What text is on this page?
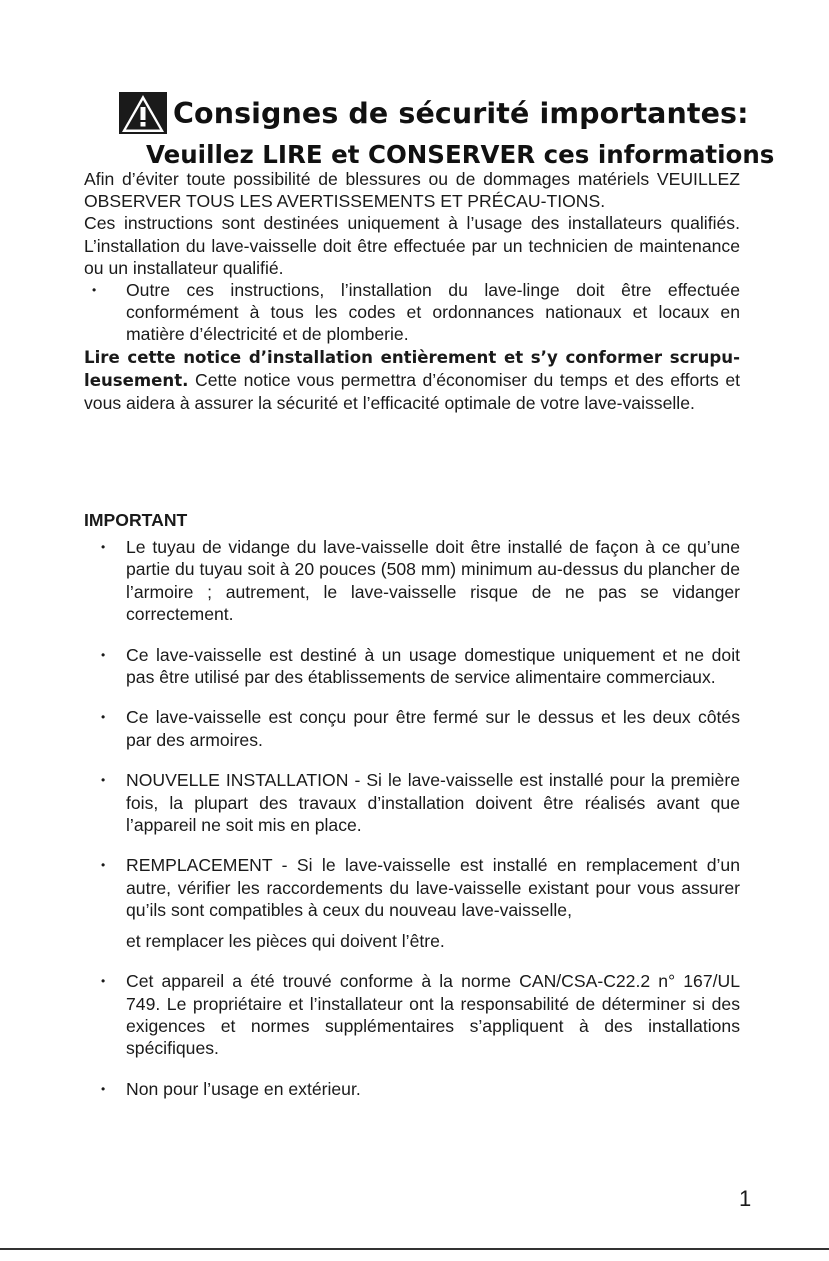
Consignes de sécurité importantes:
Veuillez LIRE et CONSERVER ces informations

Afin d’éviter toute possibilité de blessures ou de dommages matériels VEUILLEZ OBSERVER TOUS LES AVERTISSEMENTS ET PRÉCAU-TIONS.

Ces instructions sont destinées uniquement à l’usage des installateurs qualifiés. L’installation du lave-vaisselle doit être effectuée par un technicien de maintenance ou un installateur qualifié.

• Outre ces instructions, l’installation du lave-linge doit être effectuée conformément à tous les codes et ordonnances nationaux et locaux en matière d’électricité et de plomberie.

Lire cette notice d’installation entièrement et s’y conformer scrupu-leusement. Cette notice vous permettra d’économiser du temps et des efforts et vous aidera à assurer la sécurité et l’efficacité optimale de votre lave-vaisselle.

IMPORTANT

• Le tuyau de vidange du lave-vaisselle doit être installé de façon à ce qu’une partie du tuyau soit à 20 pouces (508 mm) minimum au-dessus du plancher de l’armoire ; autrement, le lave-vaisselle risque de ne pas se vidanger correctement.

• Ce lave-vaisselle est destiné à un usage domestique uniquement et ne doit pas être utilisé par des établissements de service alimentaire commerciaux.

• Ce lave-vaisselle est conçu pour être fermé sur le dessus et les deux côtés par des armoires.

• NOUVELLE INSTALLATION - Si le lave-vaisselle est installé pour la première fois, la plupart des travaux d’installation doivent être réalisés avant que l’appareil ne soit mis en place.

• REMPLACEMENT - Si le lave-vaisselle est installé en remplacement d’un autre, vérifier les raccordements du lave-vaisselle existant pour vous assurer qu’ils sont compatibles à ceux du nouveau lave-vaisselle,

et remplacer les pièces qui doivent l’être.

• Cet appareil a été trouvé conforme à la norme CAN/CSA-C22.2 n° 167/UL 749. Le propriétaire et l’installateur ont la responsabilité de déterminer si des exigences et normes supplémentaires s’appliquent à des installations spécifiques.

• Non pour l’usage en extérieur.

1
